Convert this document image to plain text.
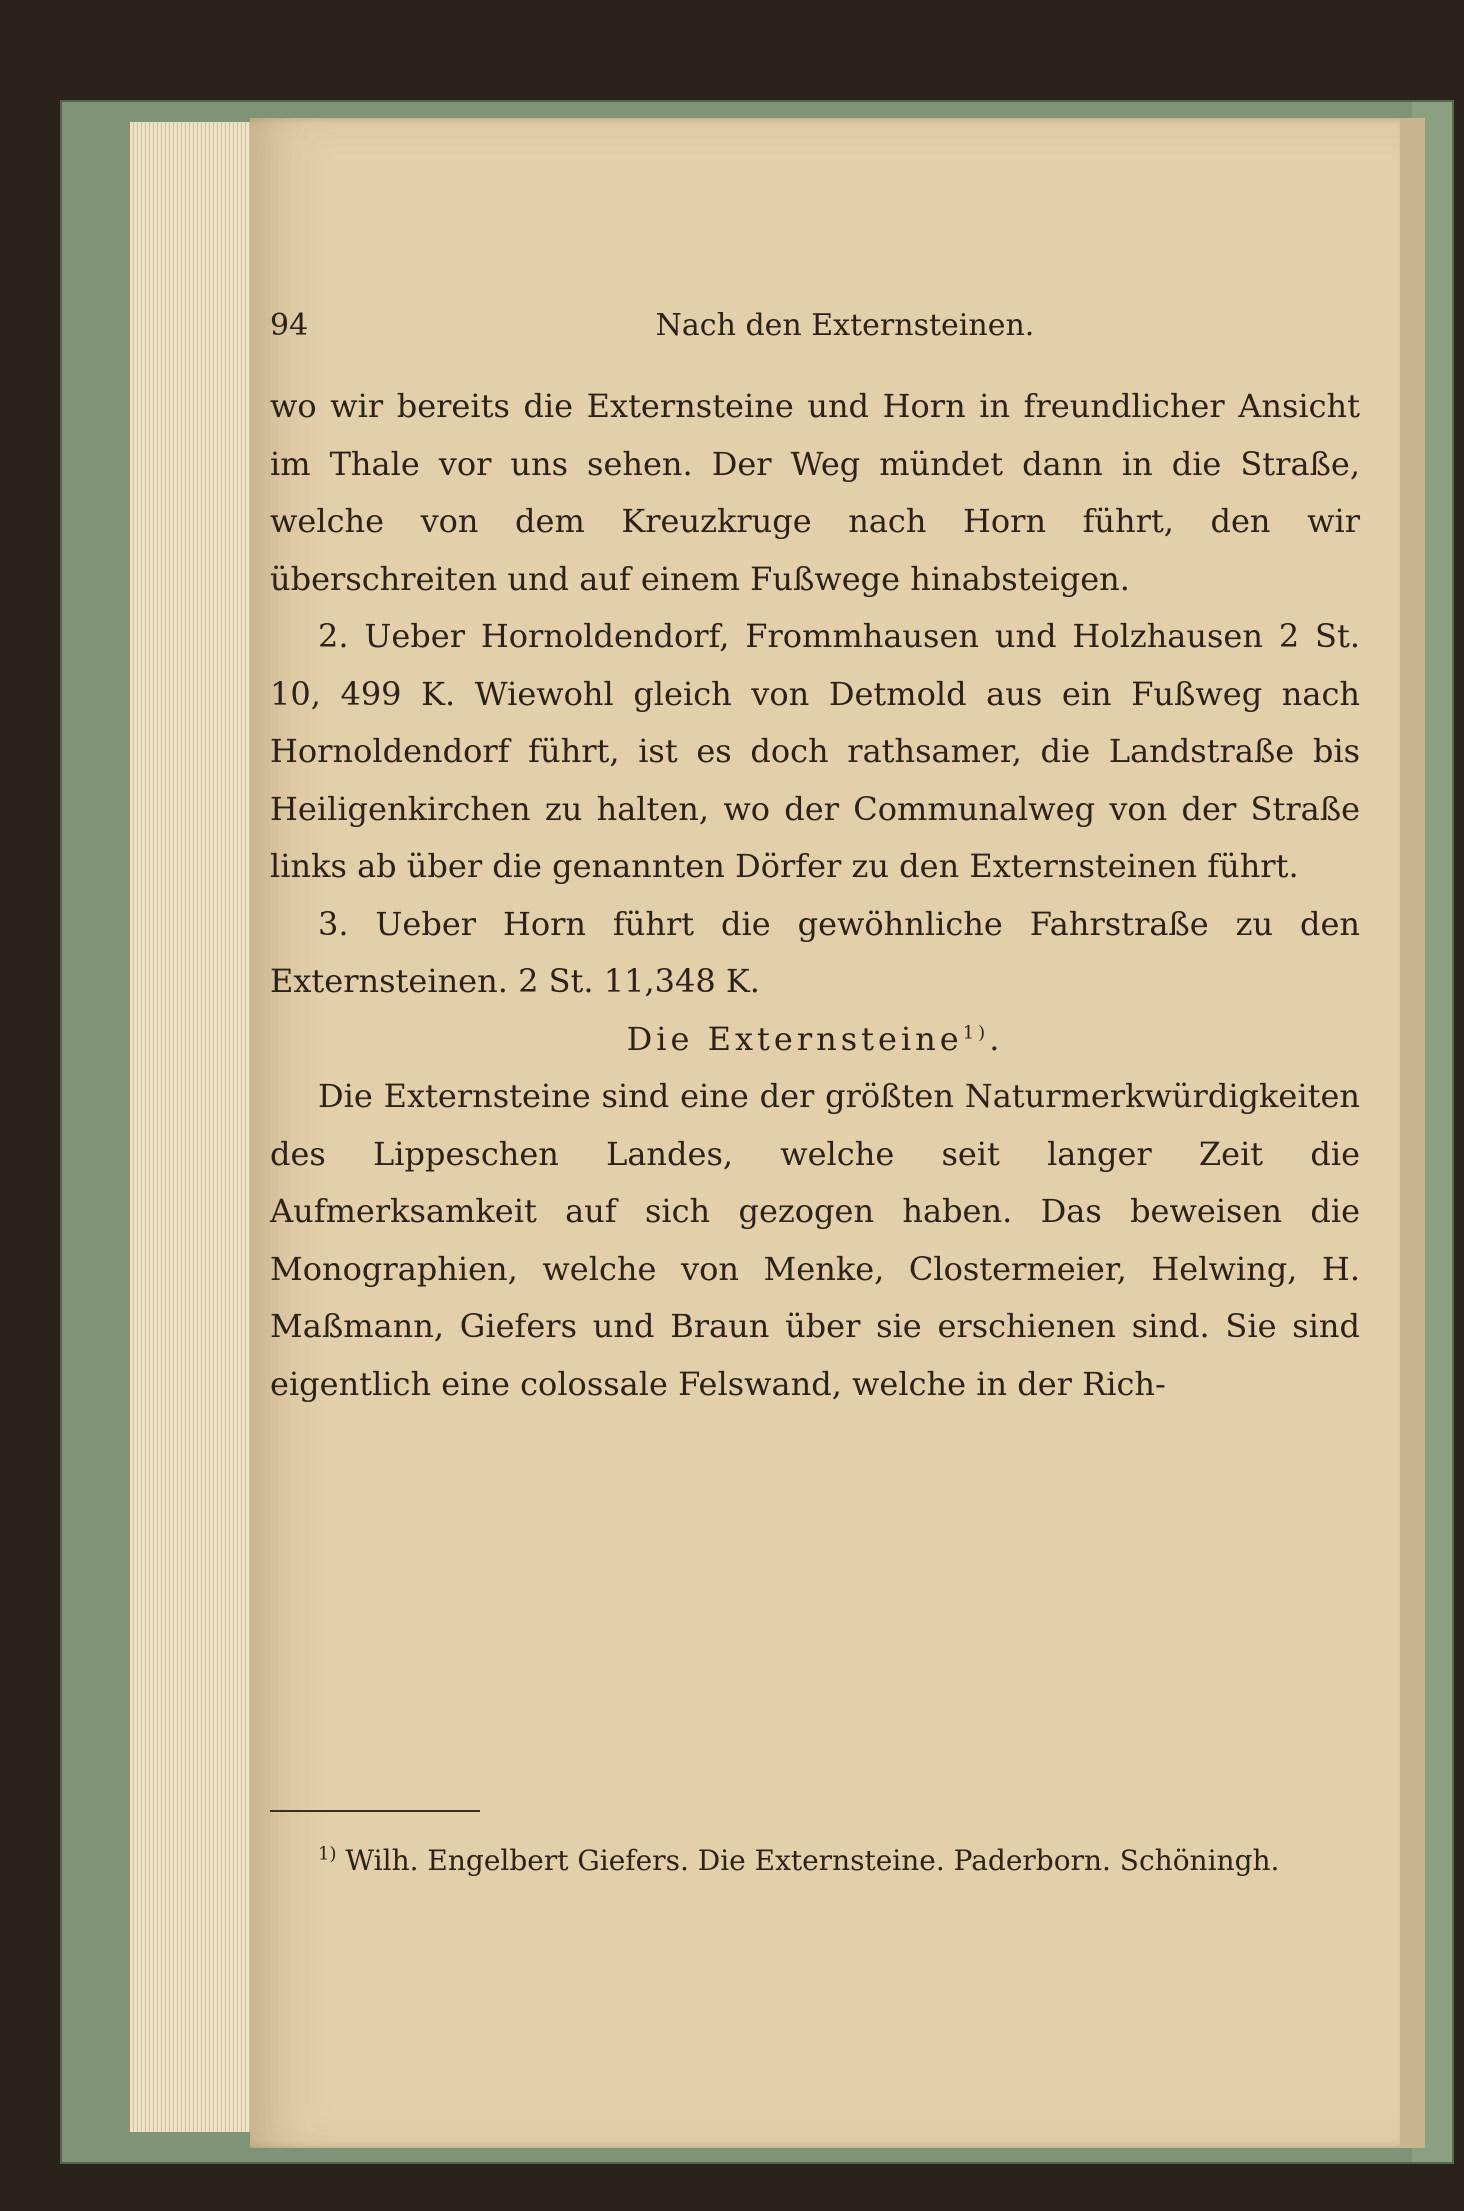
94	Nach den Externsteinen.

wo wir bereits die Externsteine und Horn in freundlicher Ansicht im Thale vor uns sehen. Der Weg mündet dann in die Straße, welche von dem Kreuzkruge nach Horn führt, den wir überschreiten und auf einem Fußwege hinabsteigen.

2. Ueber Hornoldendorf, Frommhausen und Holzhausen 2 St. 10, 499 K. Wiewohl gleich von Detmold aus ein Fußweg nach Hornoldendorf führt, ist es doch rathsamer, die Landstraße bis Heiligenkirchen zu halten, wo der Communalweg von der Straße links ab über die genannten Dörfer zu den Externsteinen führt.

3. Ueber Horn führt die gewöhnliche Fahrstraße zu den Externsteinen. 2 St. 11,348 K.

Die Externsteine$^{1)}$.

Die Externsteine sind eine der größten Naturmerkwürdigkeiten des Lippeschen Landes, welche seit langer Zeit die Aufmerksamkeit auf sich gezogen haben. Das beweisen die Monographien, welche von Menke, Clostermeier, Helwing, H. Maßmann, Giefers und Braun über sie erschienen sind. Sie sind eigentlich eine colossale Felswand, welche in der Rich-

$^{1)}$ Wilh. Engelbert Giefers. Die Externsteine. Paderborn. Schöningh.
